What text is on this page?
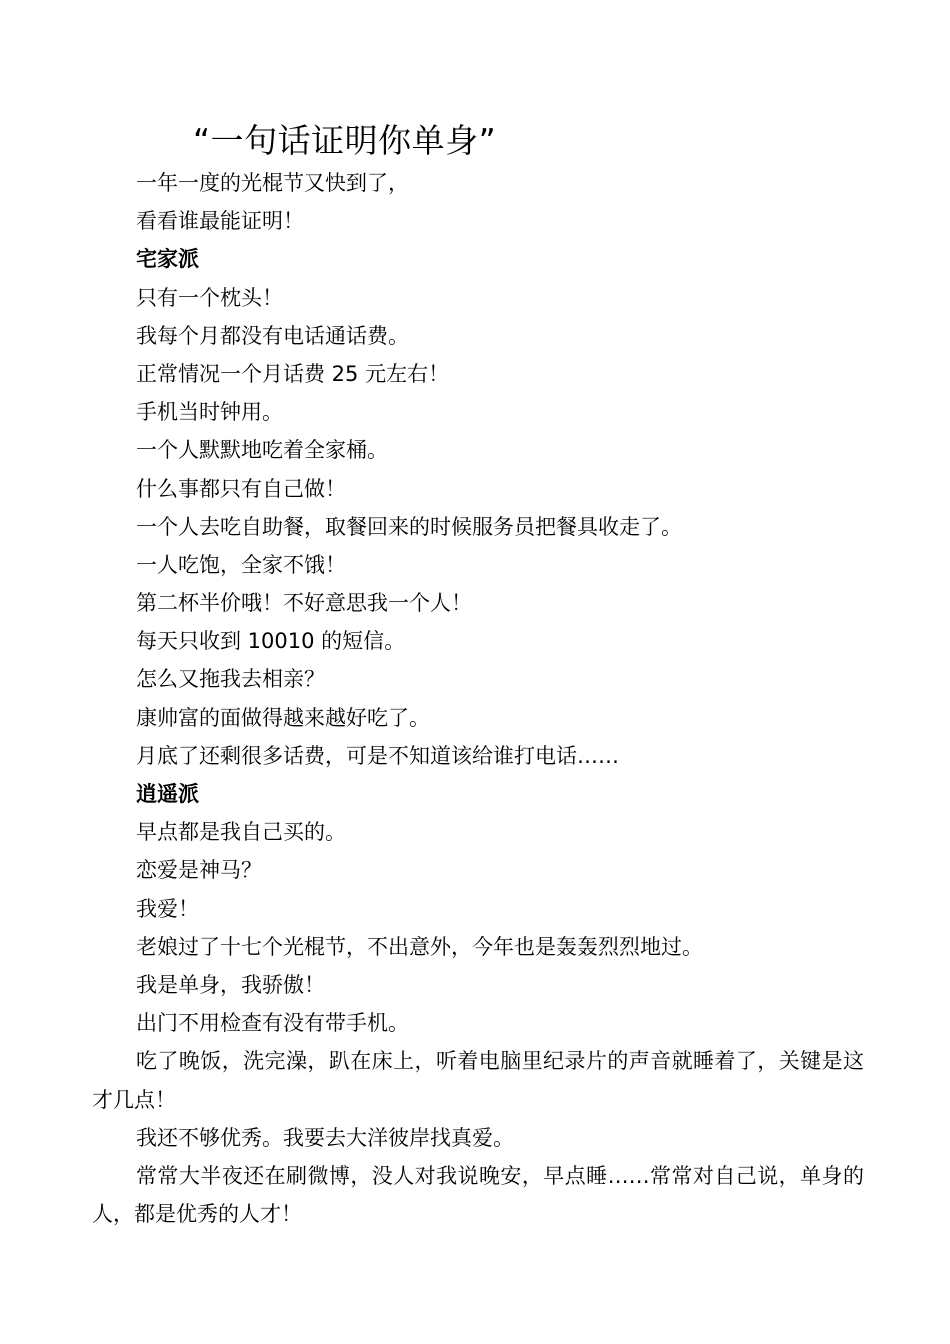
“一句话证明你单身”
一年一度的光棍节又快到了，
看看谁最能证明！
宅家派
只有一个枕头！
我每个月都没有电话通话费。
正常情况一个月话费 25 元左右！
手机当时钟用。
一个人默默地吃着全家桶。
什么事都只有自己做！
一个人去吃自助餐，取餐回来的时候服务员把餐具收走了。
一人吃饱，全家不饿！
第二杯半价哦！不好意思我一个人！
每天只收到 10010 的短信。
怎么又拖我去相亲？
康帅富的面做得越来越好吃了。
月底了还剩很多话费，可是不知道该给谁打电话……
逍遥派
早点都是我自己买的。
恋爱是神马？
我爱！
老娘过了十七个光棍节，不出意外，今年也是轰轰烈烈地过。
我是单身，我骄傲！
出门不用检查有没有带手机。
吃了晚饭，洗完澡，趴在床上，听着电脑里纪录片的声音就睡着了，关键是这才几点！
我还不够优秀。我要去大洋彼岸找真爱。
常常大半夜还在刷微博，没人对我说晚安，早点睡……常常对自己说，单身的人，都是优秀的人才！
